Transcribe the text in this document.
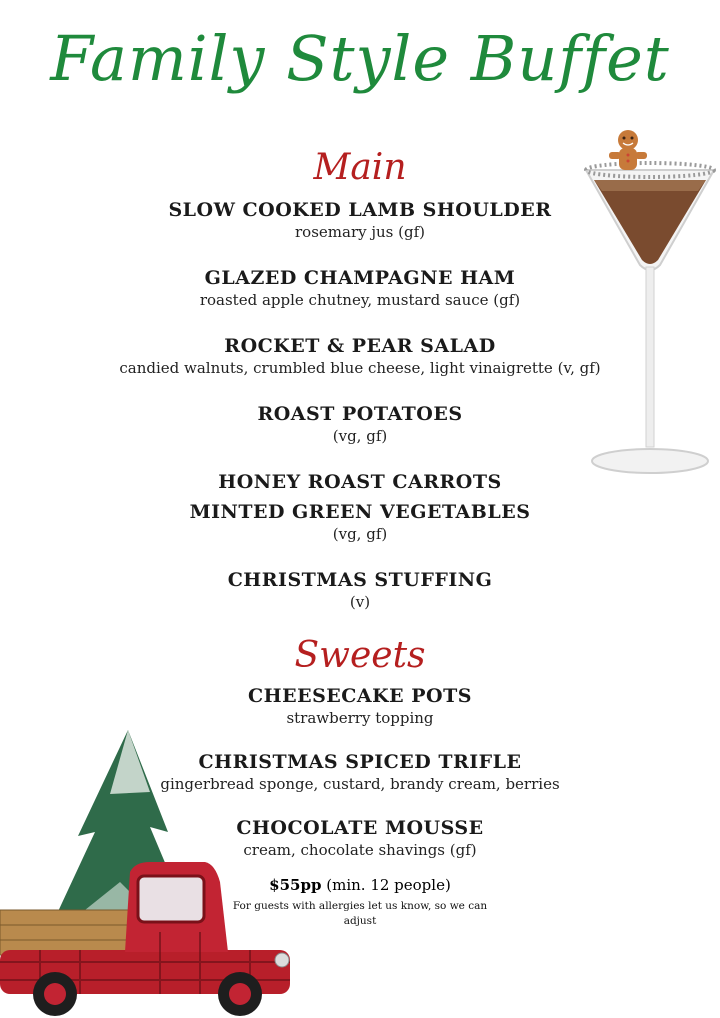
Family Style Buffet
Main
SLOW COOKED LAMB SHOULDER
rosemary jus (gf)
GLAZED CHAMPAGNE HAM
roasted apple chutney, mustard sauce (gf)
ROCKET & PEAR SALAD
candied walnuts, crumbled blue cheese, light vinaigrette (v, gf)
ROAST POTATOES
(vg, gf)
HONEY ROAST CARROTS
MINTED GREEN VEGETABLES
(vg, gf)
CHRISTMAS STUFFING
(v)
Sweets
CHEESECAKE POTS
strawberry topping
CHRISTMAS SPICED TRIFLE
gingerbread sponge, custard, brandy cream, berries
CHOCOLATE MOUSSE
cream, chocolate shavings (gf)
$55pp (min. 12 people)
For guests with allergies let us know, so we can adjust
